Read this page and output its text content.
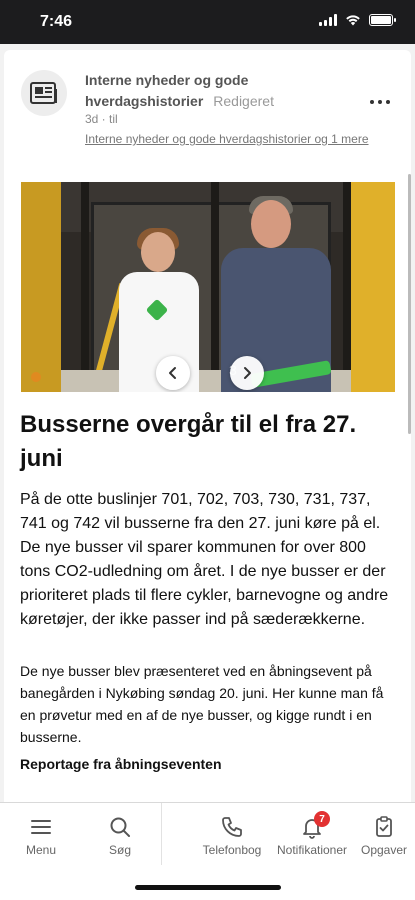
7:46
Interne nyheder og gode hverdagshistorier Redigeret
3d · til
Interne nyheder og gode hverdagshistorier og 1 mere
Busserne overgår til el fra 27. juni

På de otte buslinjer 701, 702, 703, 730, 731, 737, 741 og 742 vil busserne fra den 27. juni køre på el. De nye busser vil sparer kommunen for over 800 tons CO2-udledning om året. I de nye busser er der prioriteret plads til flere cykler, barnevogne og andre køretøjer, der ikke passer ind på sæderækkerne.

De nye busser blev præsenteret ved en åbningsevent på banegården i Nykøbing søndag 20. juni. Her kunne man få en prøvetur med en af de nye busser, og kigge rundt i en busserne.

Reportage fra åbningseventen
Menu	Søg	Telefonbog
7
Notifikationer Opgaver
